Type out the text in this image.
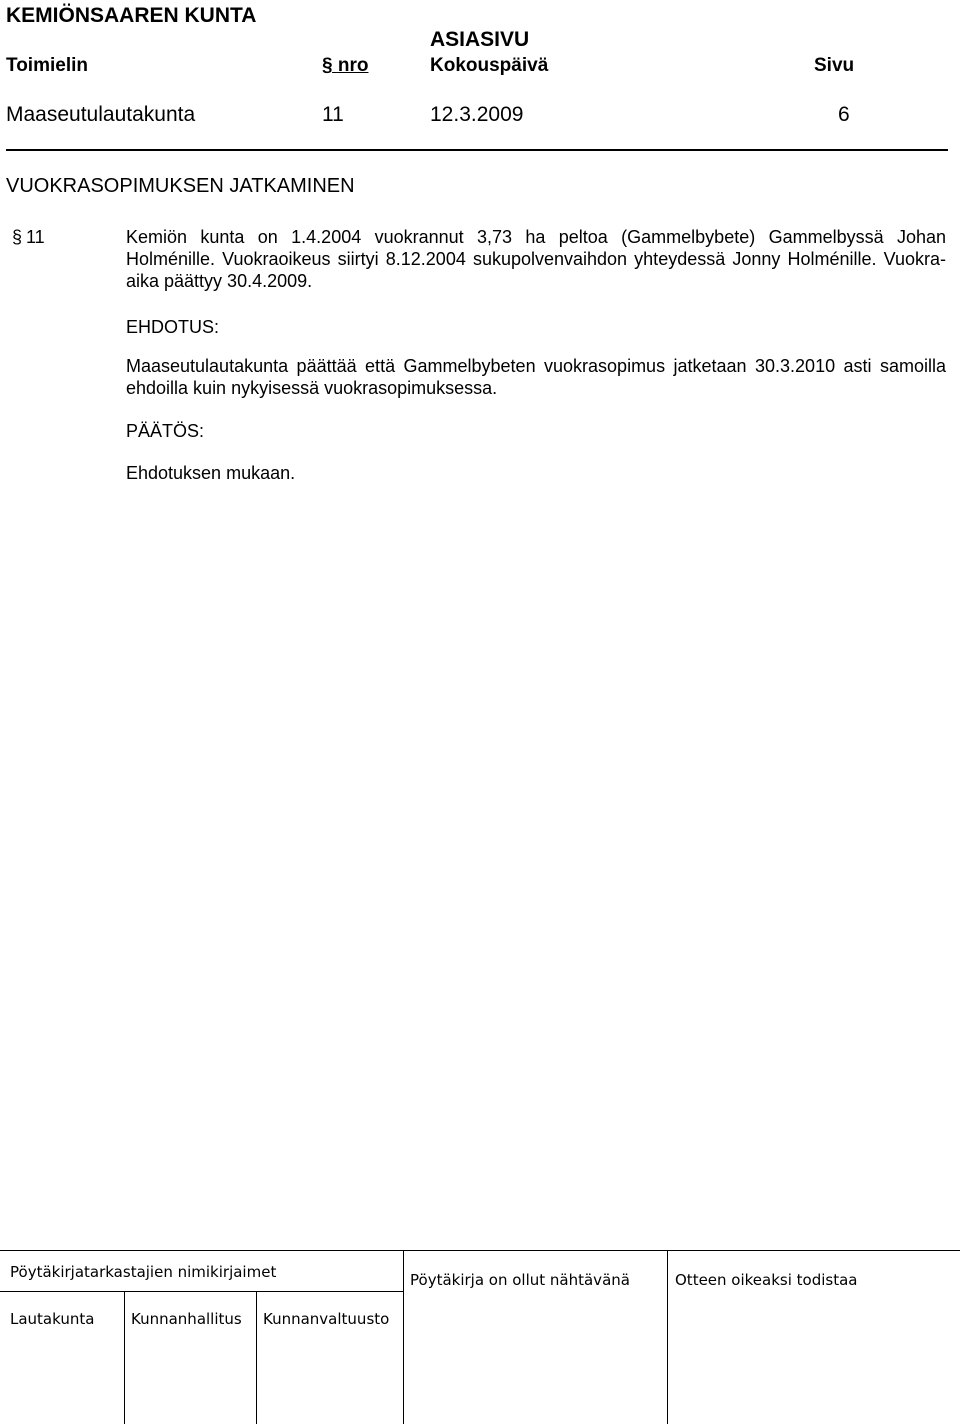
KEMIÖNSAAREN KUNTA
ASIASIVU
Toimielin	§ nro	Kokouspäivä	Sivu
Maaseutulautakunta	11	12.3.2009	6
VUOKRASOPIMUKSEN JATKAMINEN
§ 11	Kemiön kunta on 1.4.2004 vuokrannut 3,73 ha peltoa (Gammelbybete) Gammelbyssä Johan Holménille. Vuokraoikeus siirtyi 8.12.2004 sukupolvenvaihdon yhteydessä Jonny Holménille. Vuokra-aika päättyy 30.4.2009.
EHDOTUS:
Maaseutulautakunta päättää että Gammelbybeten vuokrasopimus jatketaan 30.3.2010 asti samoilla ehdoilla kuin nykyisessä vuokrasopimuksessa.
PÄÄTÖS:
Ehdotuksen mukaan.
Pöytäkirjatarkastajien nimikirjaimet	Pöytäkirja on ollut nähtävänä	Otteen oikeaksi todistaa
Lautakunta Kunnanhallitus Kunnanvaltuusto
